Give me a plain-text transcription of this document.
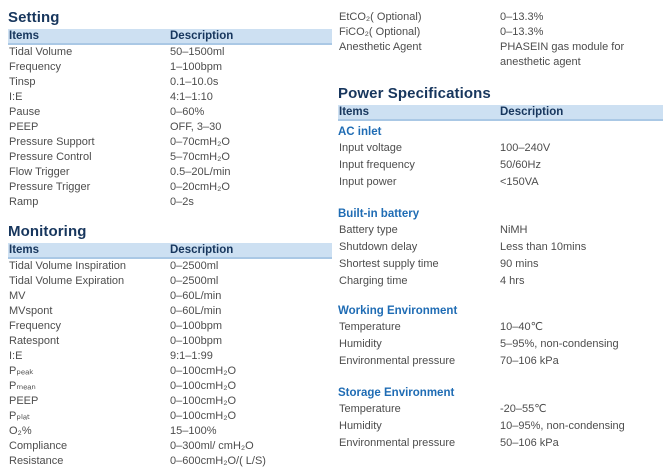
Setting
Items	Description
Tidal Volume	50–1500ml
Frequency	1–100bpm
Tinsp	0.1–10.0s
I:E	4:1–1:10
Pause	0–60%
PEEP	OFF, 3–30
Pressure Support	0–70cmH₂O
Pressure Control	5–70cmH₂O
Flow Trigger	0.5–20L/min
Pressure Trigger	0–20cmH₂O
Ramp	0–2s
Monitoring
Items	Description
Tidal Volume Inspiration	0–2500ml
Tidal Volume Expiration	0–2500ml
MV	0–60L/min
MVspont	0–60L/min
Frequency	0–100bpm
Ratespont	0–100bpm
I:E	9:1–1:99
Pₚₑₐₖ	0–100cmH₂O
Pₘₑₐₙ	0–100cmH₂O
PEEP	0–100cmH₂O
Pₚₗₐₜ	0–100cmH₂O
O₂%	15–100%
Compliance	0–300ml/ cmH₂O
Resistance	0–600cmH₂O/( L/S)
EtCO₂( Optional)	0–13.3%
FiCO₂( Optional)	0–13.3%
Anesthetic Agent	PHASEIN gas module for anesthetic agent
Power Specifications
Items	Description
AC inlet
Input voltage	100–240V
Input frequency	50/60Hz
Input power	<150VA
Built-in battery
Battery type	NiMH
Shutdown delay	Less than 10mins
Shortest supply time	90 mins
Charging time	4 hrs
Working Environment
Temperature	10–40℃
Humidity	5–95%, non-condensing
Environmental pressure	70–106 kPa
Storage Environment
Temperature	-20–55℃
Humidity	10–95%, non-condensing
Environmental pressure	50–106 kPa
